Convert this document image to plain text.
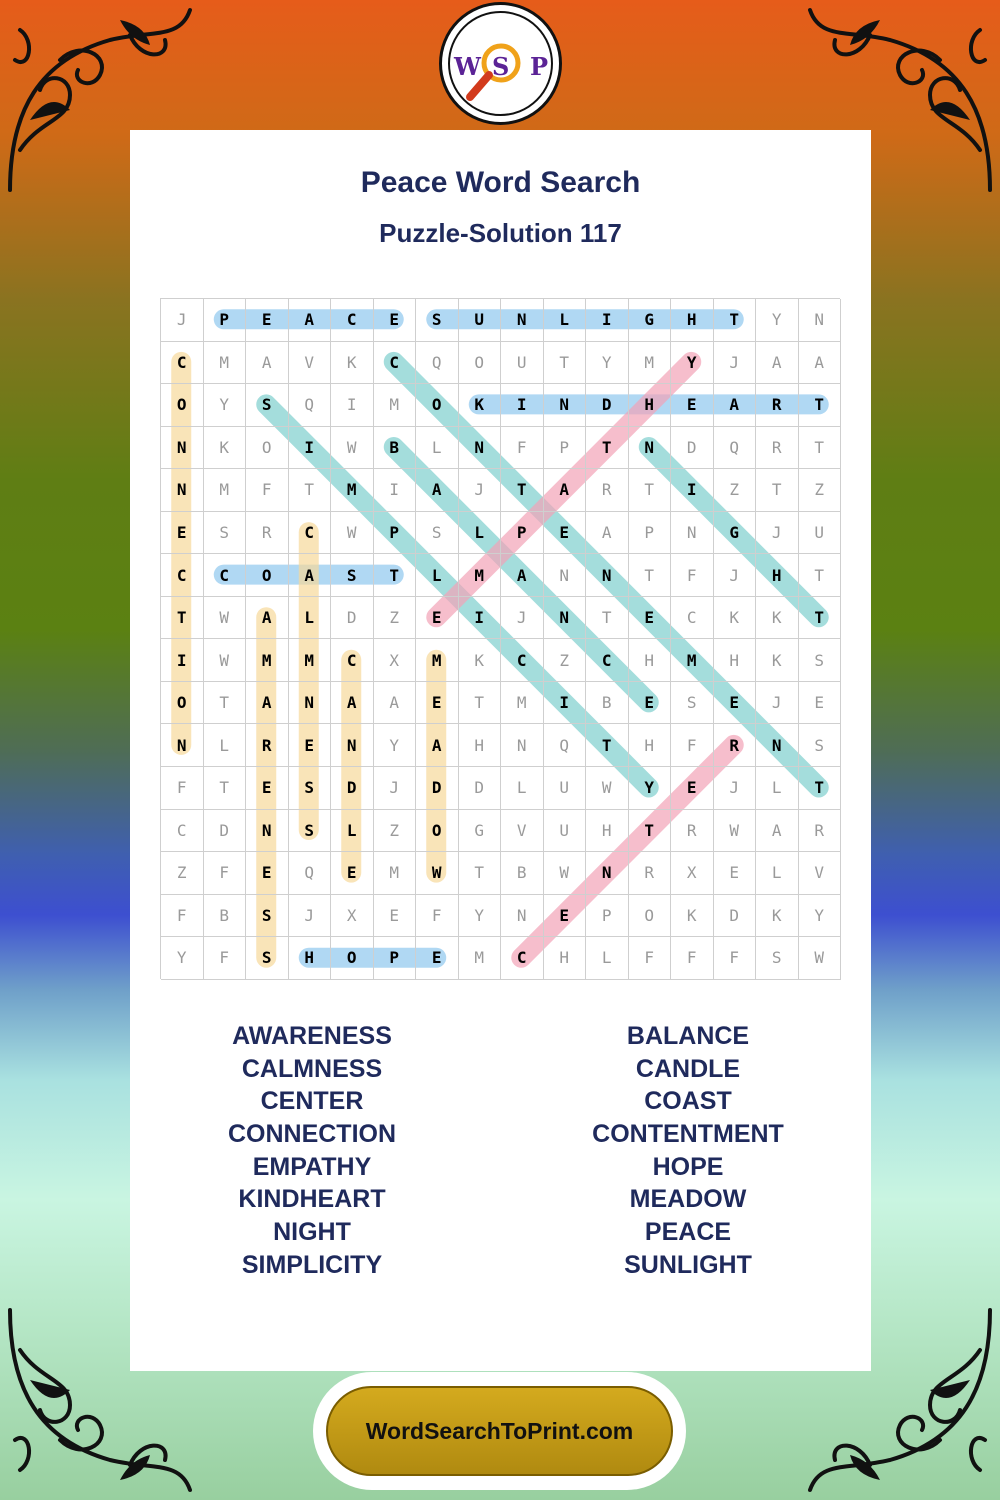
W S P
Peace Word Search
Puzzle-Solution 117
J	P	E	A	C	E	S	U	N	L	I	G	H	T	Y	N
C	M	A	V	K	C	Q	O	U	T	Y	M	Y	J	A	A
O	Y	S	Q	I	M	O	K	I	N	D	H	E	A	R	T
N	K	O	I	W	B	L	N	F	P	T	N	D	Q	R	T
N	M	F	T	M	I	A	J	T	A	R	T	I	Z	T	Z
E	S	R	C	W	P	S	L	P	E	A	P	N	G	J	U
C	C	O	A	S	T	L	M	A	N	N	T	F	J	H	T
T	W	A	L	D	Z	E	I	J	N	T	E	C	K	K	T
I	W	M	M	C	X	M	K	C	Z	C	H	M	H	K	S
O	T	A	N	A	A	E	T	M	I	B	E	S	E	J	E
N	L	R	E	N	Y	A	H	N	Q	T	H	F	R	N	S
F	T	E	S	D	J	D	D	L	U	W	Y	E	J	L	T
C	D	N	S	L	Z	O	G	V	U	H	T	R	W	A	R
Z	F	E	Q	E	M	W	T	B	W	N	R	X	E	L	V
F	B	S	J	X	E	F	Y	N	E	P	O	K	D	K	Y
Y	F	S	H	O	P	E	M	C	H	L	F	F	F	S	W
AWARENESS
CALMNESS
CENTER
CONNECTION
EMPATHY
KINDHEART
NIGHT
SIMPLICITY
BALANCE
CANDLE
COAST
CONTENTMENT
HOPE
MEADOW
PEACE
SUNLIGHT
WordSearchToPrint.com
